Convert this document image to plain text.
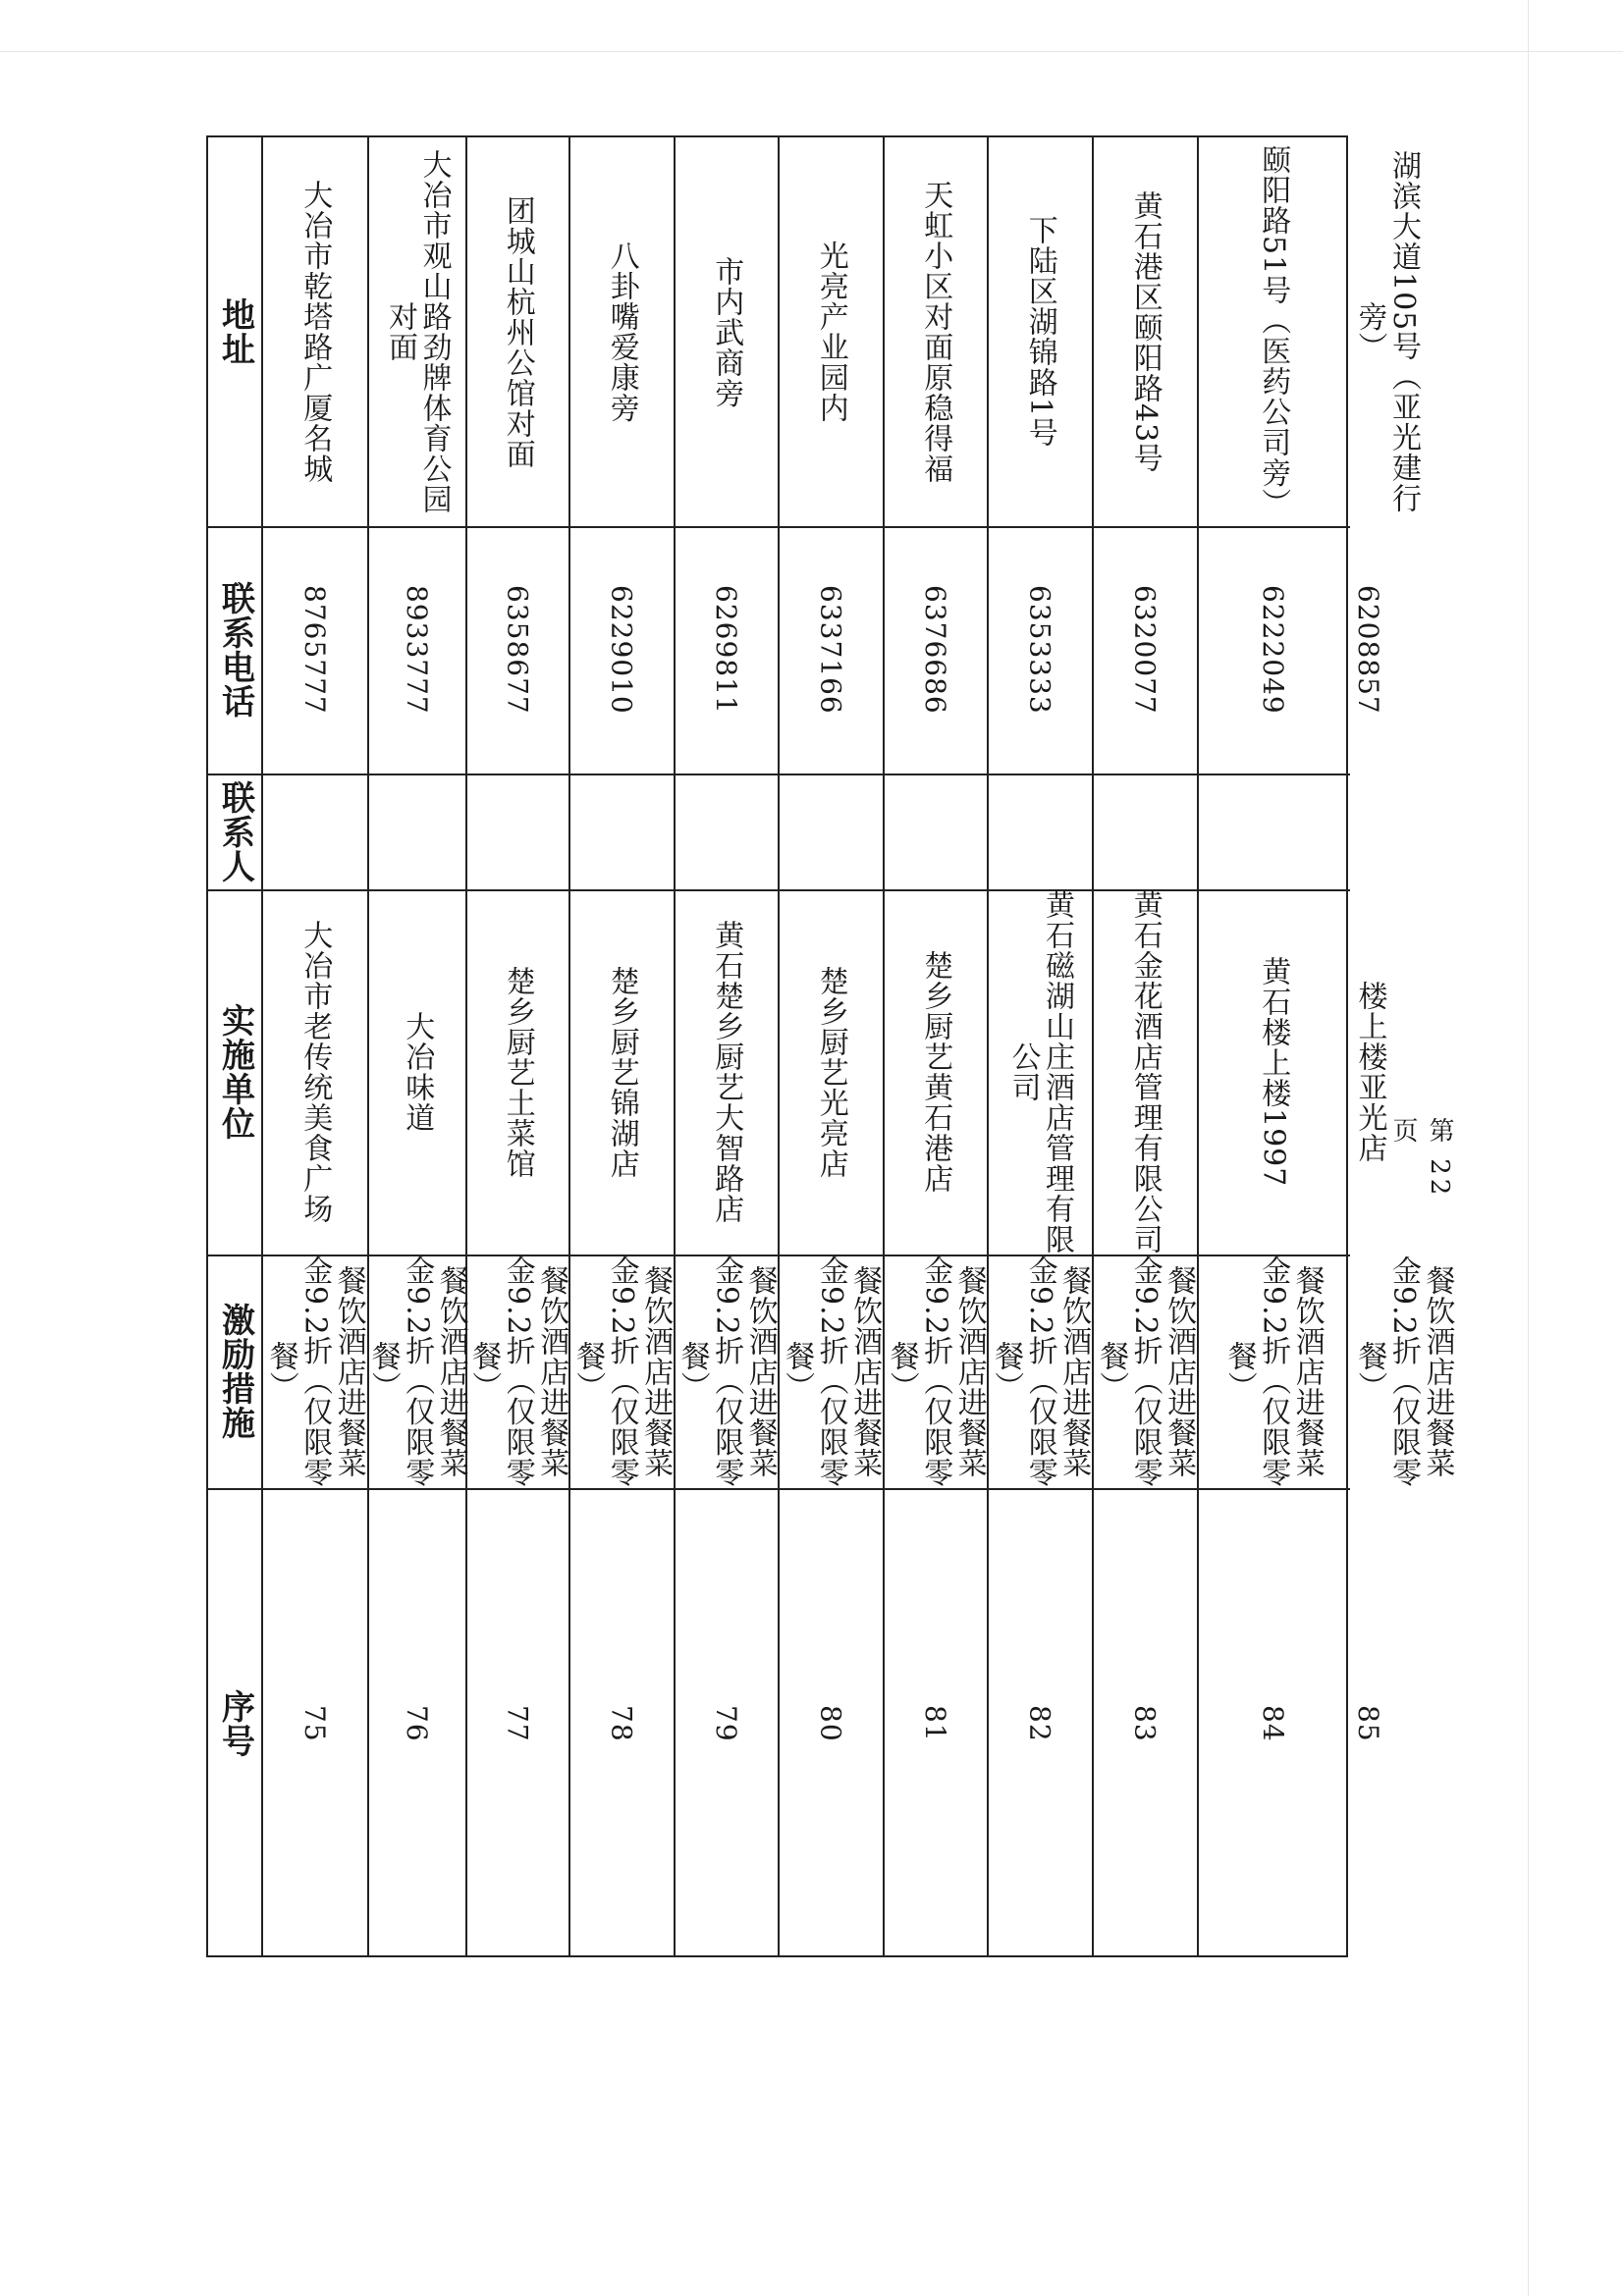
序号
激励措施
实施单位
联系人
联系电话
地址
75
餐饮酒店进餐菜金9.2折（仅限零餐）
大冶市老传统美食广场
8765777
大冶市乾塔路广厦名城
76
餐饮酒店进餐菜金9.2折（仅限零餐）
大冶味道
8933777
大冶市观山路劲牌体育公园对面
77
餐饮酒店进餐菜金9.2折（仅限零餐）
楚乡厨艺土菜馆
6358677
团城山杭州公馆对面
78
餐饮酒店进餐菜金9.2折（仅限零餐）
楚乡厨艺锦湖店
6229010
八卦嘴爱康旁
79
餐饮酒店进餐菜金9.2折（仅限零餐）
黄石楚乡厨艺大智路店
6269811
市内武商旁
80
餐饮酒店进餐菜金9.2折（仅限零餐）
楚乡厨艺光亮店
6337166
光亮产业园内
81
餐饮酒店进餐菜金9.2折（仅限零餐）
楚乡厨艺黄石港店
6376686
天虹小区对面原稳得福
82
餐饮酒店进餐菜金9.2折（仅限零餐）
黄石磁湖山庄酒店管理有限公司
6353333
下陆区湖锦路1号
83
餐饮酒店进餐菜金9.2折（仅限零餐）
黄石金花酒店管理有限公司
6320077
黄石港区颐阳路43号
84
餐饮酒店进餐菜金9.2折（仅限零餐）
黄石楼上楼1997
6222049
颐阳路51号（医药公司旁）
85
餐饮酒店进餐菜金9.2折（仅限零餐）
楼上楼亚光店
6208857
湖滨大道105号（亚光建行旁）
第 22 页
